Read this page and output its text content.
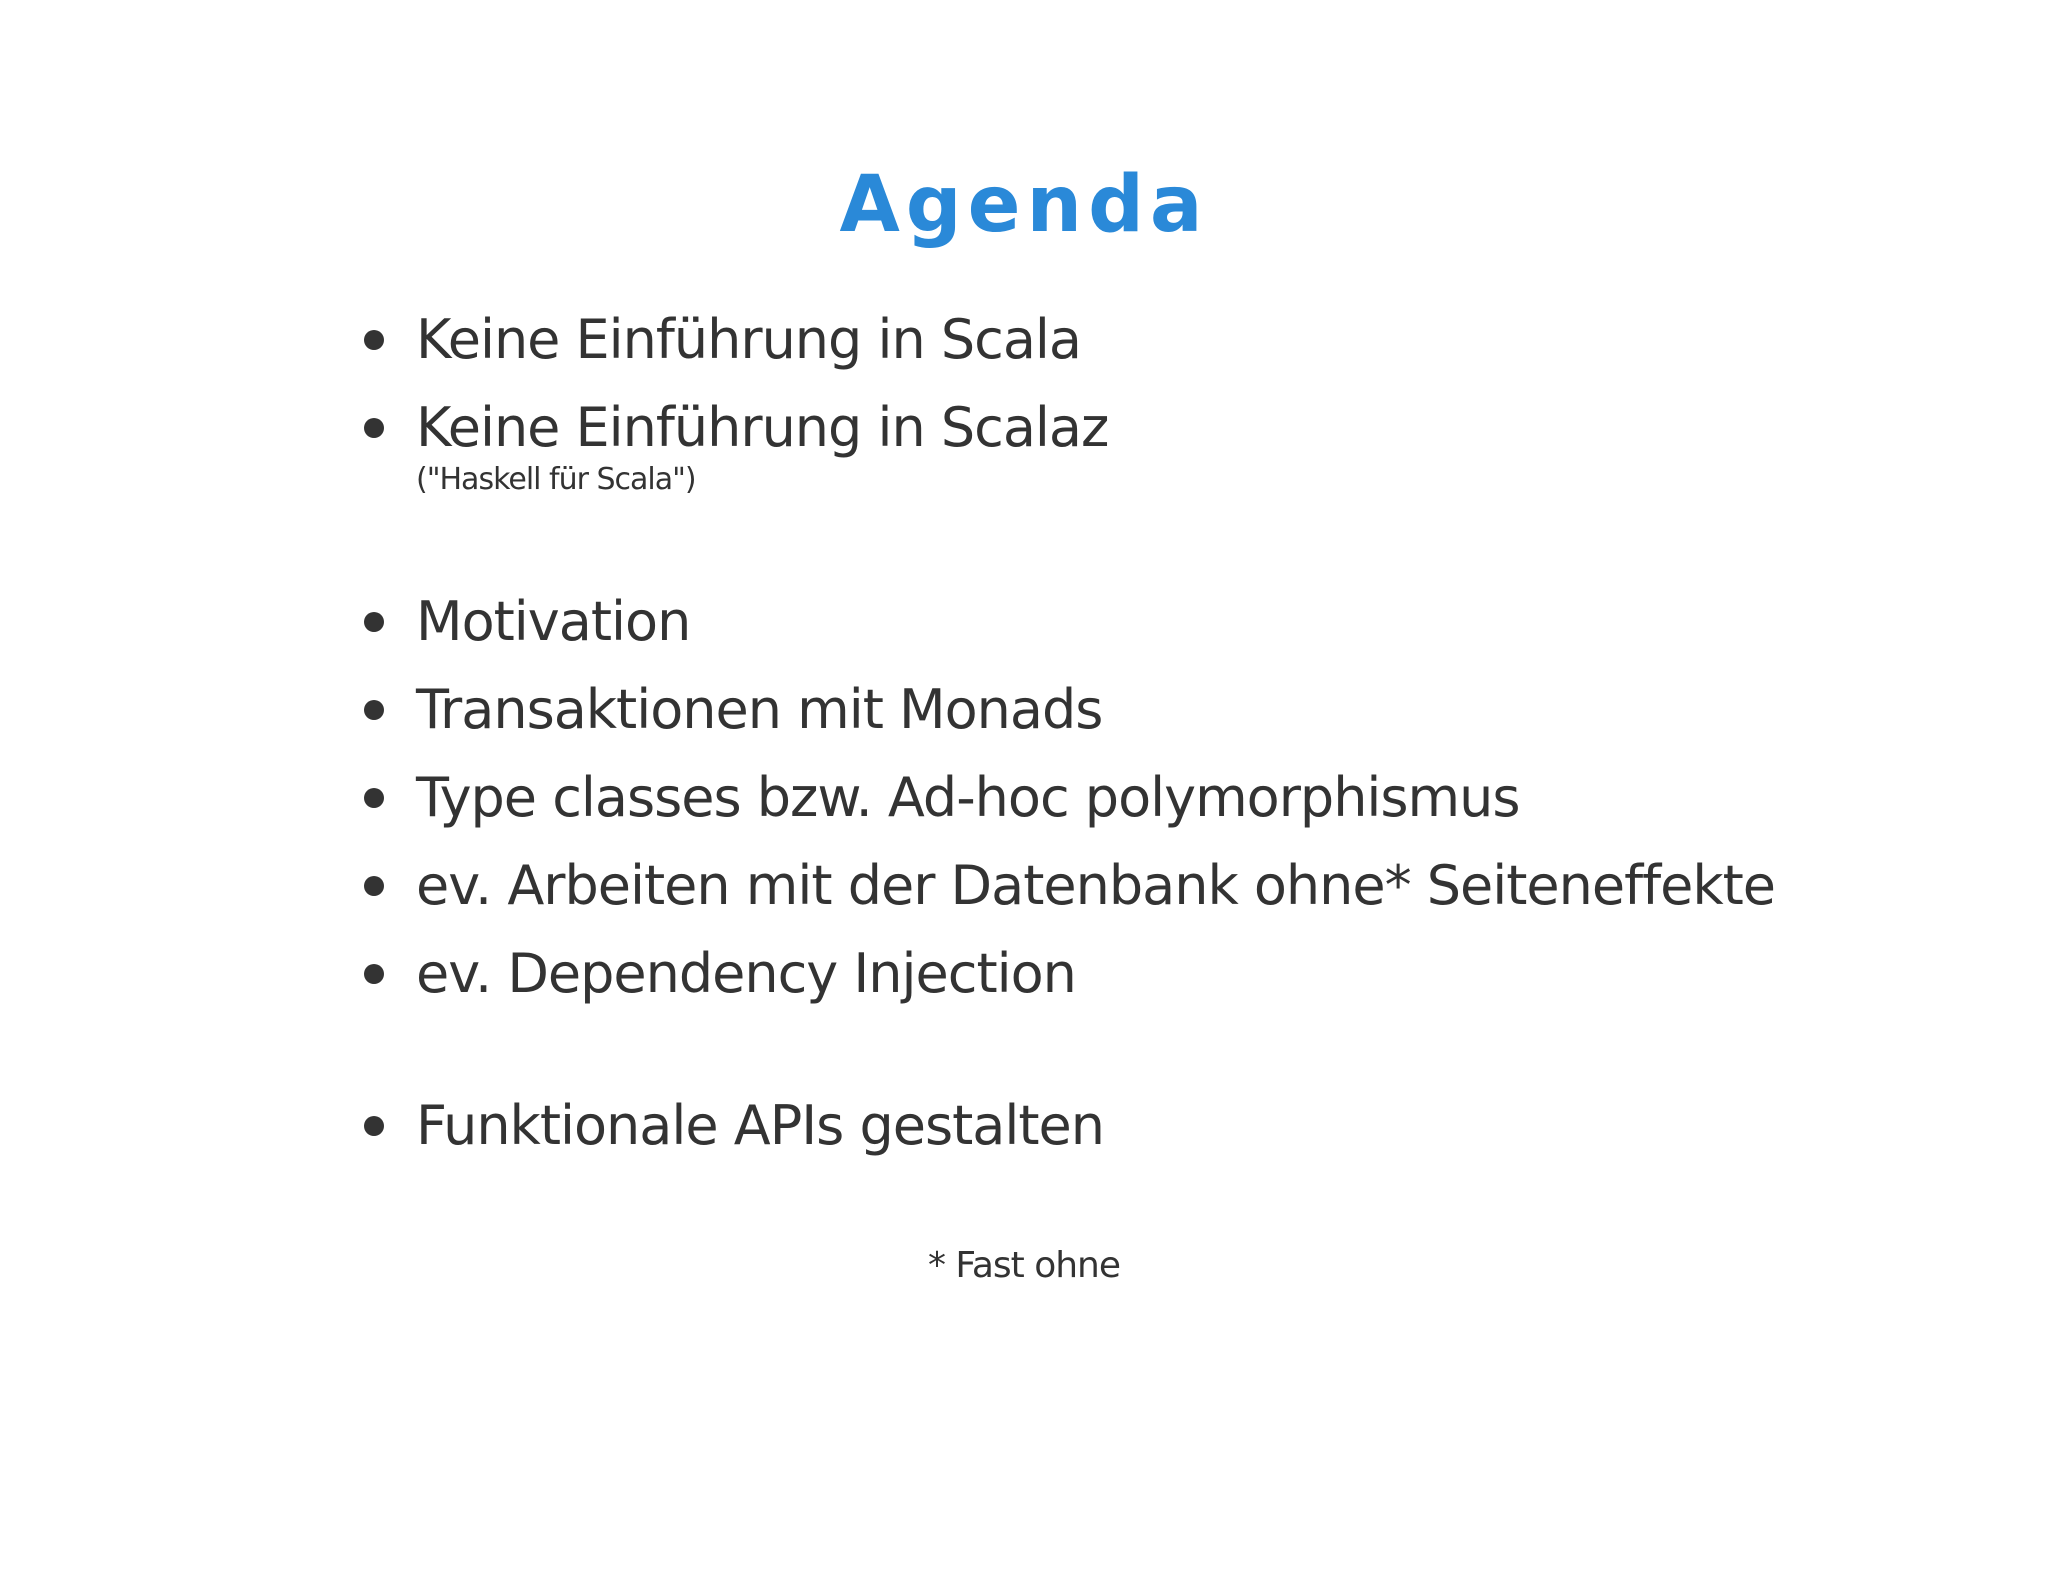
Agenda
Keine Einführung in Scala
Keine Einführung in Scalaz
("Haskell für Scala")
Motivation
Transaktionen mit Monads
Type classes bzw. Ad-hoc polymorphismus
ev. Arbeiten mit der Datenbank ohne* Seiteneffekte
ev. Dependency Injection
Funktionale APIs gestalten
* Fast ohne
